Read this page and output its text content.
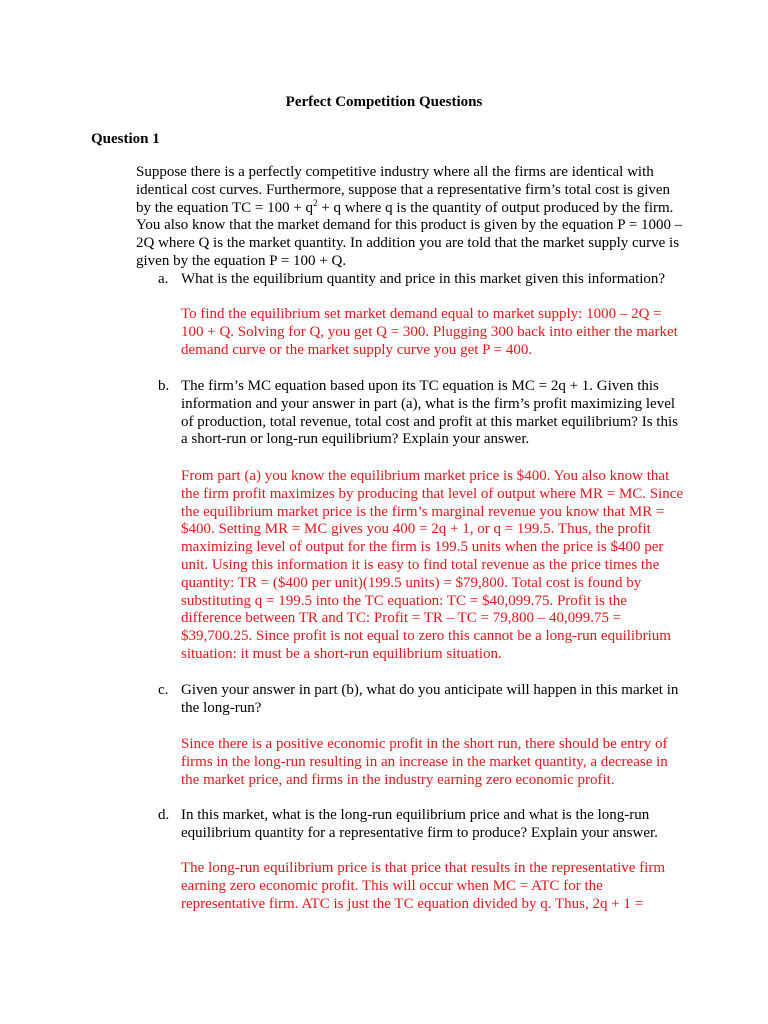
Perfect Competition Questions
Question 1

Suppose there is a perfectly competitive industry where all the firms are identical with identical cost curves. Furthermore, suppose that a representative firm’s total cost is given by the equation TC = $100 + q^2 + q$ where q is the quantity of output produced by the firm. You also know that the market demand for this product is given by the equation P = 1000 – 2Q where Q is the market quantity. In addition you are told that the market supply curve is given by the equation P = 100 + Q.

a. What is the equilibrium quantity and price in this market given this information?

To find the equilibrium set market demand equal to market supply: 1000 – 2Q = 100 + Q. Solving for Q, you get Q = 300. Plugging 300 back into either the market demand curve or the market supply curve you get P = 400.

b. The firm’s MC equation based upon its TC equation is MC = 2q + 1. Given this information and your answer in part (a), what is the firm’s profit maximizing level of production, total revenue, total cost and profit at this market equilibrium? Is this a short-run or long-run equilibrium? Explain your answer.

From part (a) you know the equilibrium market price is $400. You also know that the firm profit maximizes by producing that level of output where MR = MC. Since the equilibrium market price is the firm’s marginal revenue you know that MR = $400. Setting MR = MC gives you 400 = 2q + 1, or q = 199.5. Thus, the profit maximizing level of output for the firm is 199.5 units when the price is $400 per unit. Using this information it is easy to find total revenue as the price times the quantity: TR = ($400 per unit)(199.5 units) = $79,800. Total cost is found by substituting q = 199.5 into the TC equation: TC = $40,099.75. Profit is the difference between TR and TC: Profit = TR – TC = 79,800 – 40,099.75 = $39,700.25. Since profit is not equal to zero this cannot be a long-run equilibrium situation: it must be a short-run equilibrium situation.

c. Given your answer in part (b), what do you anticipate will happen in this market in the long-run?

Since there is a positive economic profit in the short run, there should be entry of firms in the long-run resulting in an increase in the market quantity, a decrease in the market price, and firms in the industry earning zero economic profit.

d. In this market, what is the long-run equilibrium price and what is the long-run equilibrium quantity for a representative firm to produce? Explain your answer.

The long-run equilibrium price is that price that results in the representative firm earning zero economic profit. This will occur when MC = ATC for the representative firm. ATC is just the TC equation divided by q. Thus, 2q + 1 =
